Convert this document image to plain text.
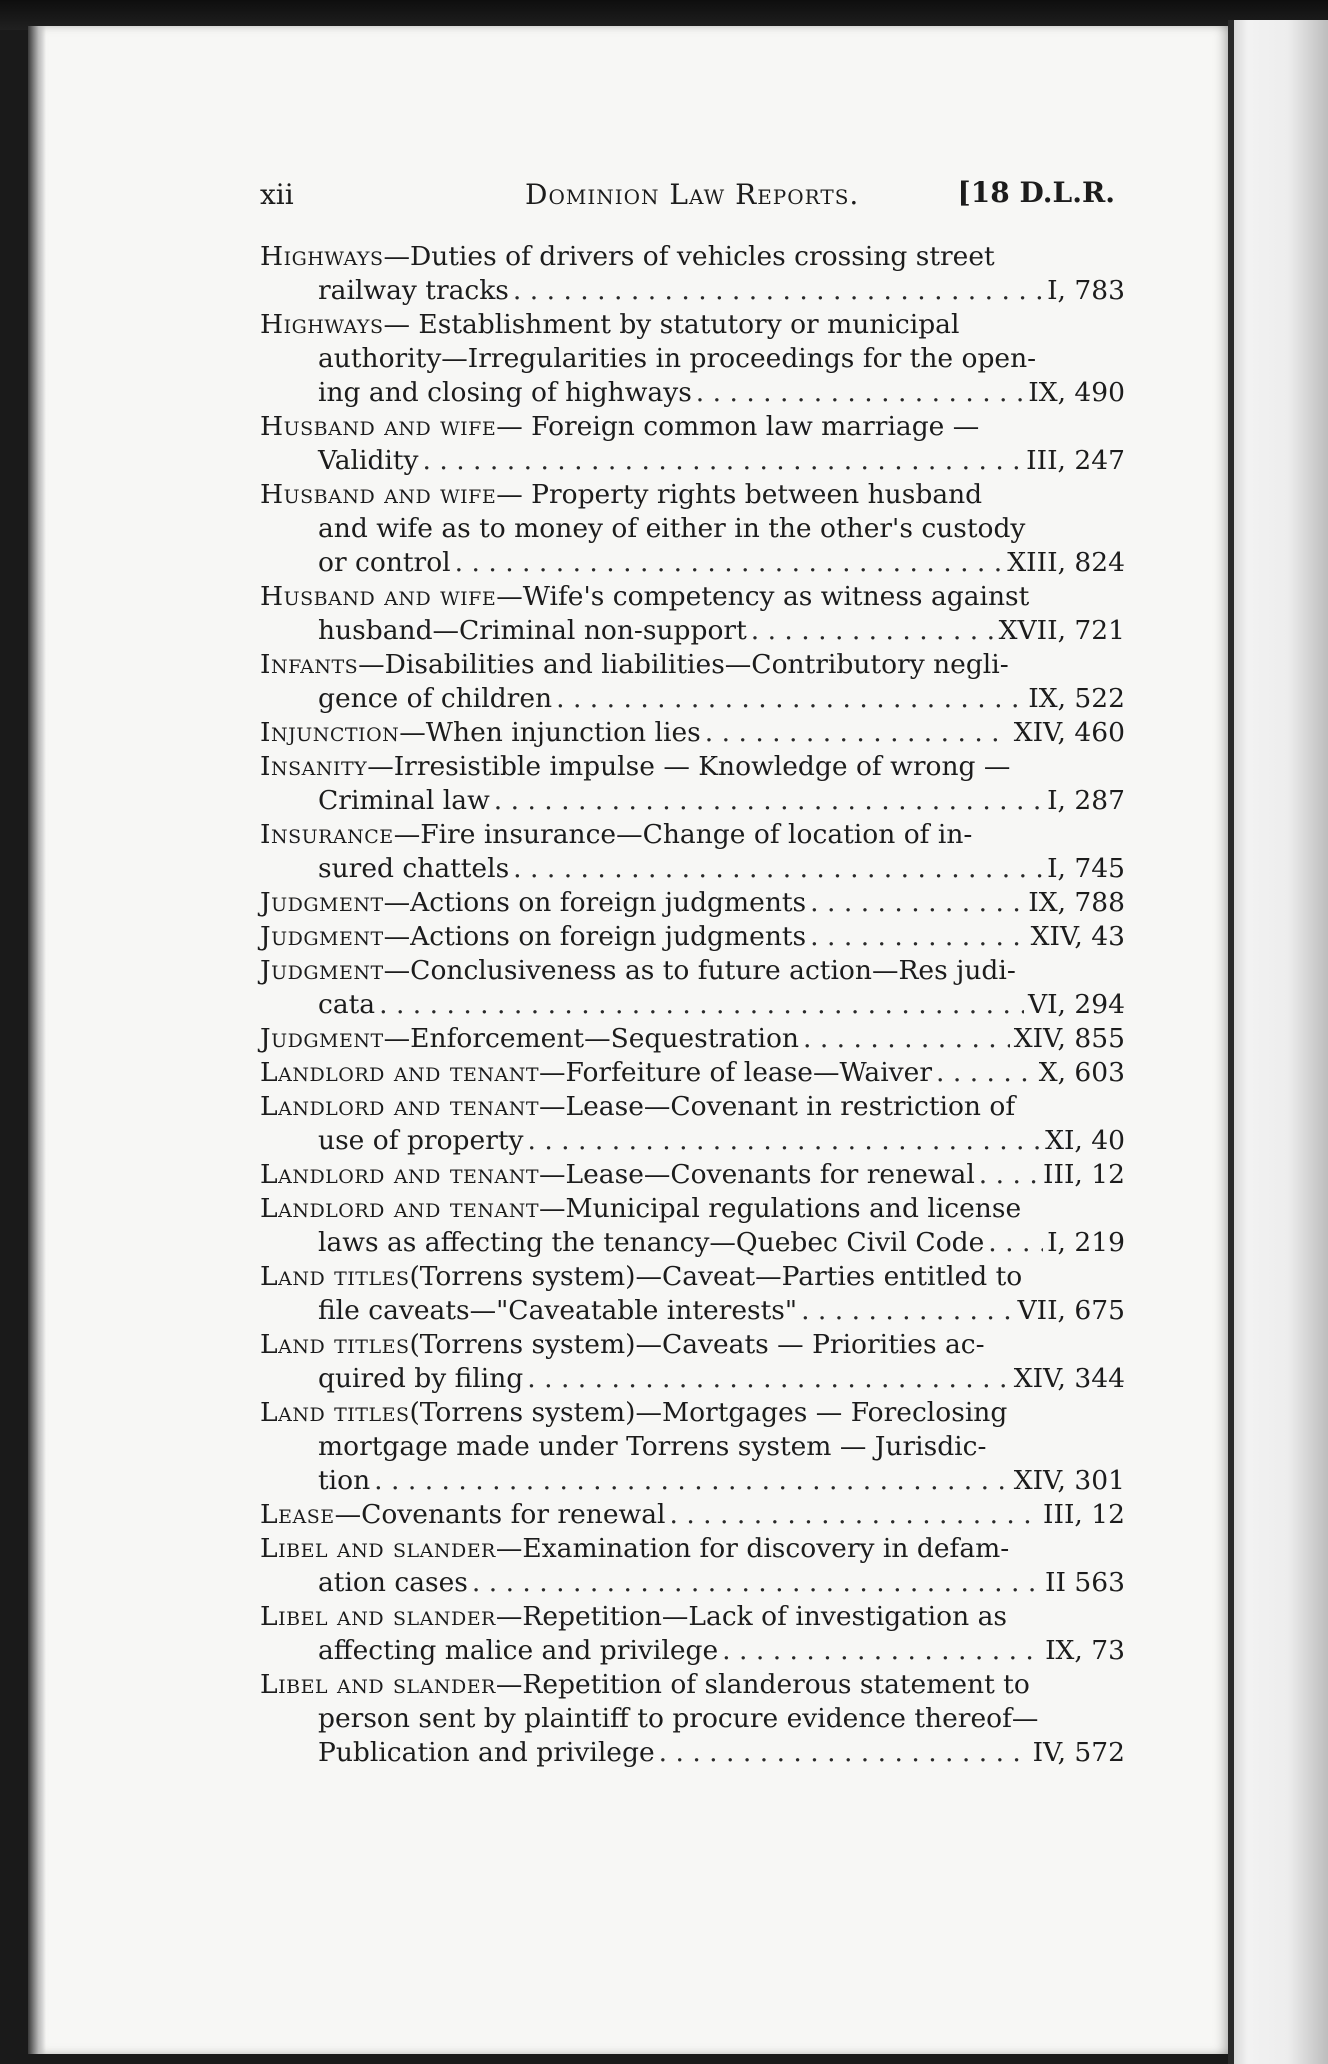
xii	Dominion Law Reports.	[18 D.L.R.
Highways —Duties of drivers of vehicles crossing street
railway tracks . . .	I, 783
Highways — Establishment by statutory or municipal
authority—Irregularities in proceedings for the open-
ing and closing of highways . . .	IX, 490
Husband and wife — Foreign common law marriage —
Validity . . .	III, 247
Husband and wife — Property rights between husband
and wife as to money of either in the other's custody
or control . . .	XIII, 824
Husband and wife —Wife's competency as witness against
husband—Criminal non-support . . .	XVII, 721
Infants —Disabilities and liabilities—Contributory negli-
gence of children . . .	IX, 522
Injunction —When injunction lies . . .	XIV, 460
Insanity —Irresistible impulse — Knowledge of wrong —
Criminal law . . .	I, 287
Insurance —Fire insurance—Change of location of in-
sured chattels . . .	I, 745
Judgment —Actions on foreign judgments . . .	IX, 788
Judgment —Actions on foreign judgments . . .	XIV, 43
Judgment —Conclusiveness as to future action—Res judi-
cata . . .	VI, 294
Judgment —Enforcement—Sequestration . . .	XIV, 855
Landlord and tenant —Forfeiture of lease—Waiver . . .	X, 603
Landlord and tenant —Lease—Covenant in restriction of
use of property . . .	XI, 40
Landlord and tenant —Lease—Covenants for renewal . . .	III, 12
Landlord and tenant —Municipal regulations and license
laws as affecting the tenancy—Quebec Civil Code . . . I, 219
Land titles (Torrens system)—Caveat—Parties entitled to
file caveats—"Caveatable interests" . . .	VII, 675
Land titles (Torrens system)—Caveats — Priorities ac-
quired by filing . . .	XIV, 344
Land titles (Torrens system)—Mortgages — Foreclosing
mortgage made under Torrens system — Jurisdic-
tion . . .	XIV, 301
Lease —Covenants for renewal . . .	III, 12
Libel and slander —Examination for discovery in defam-
ation cases . . .	II 563
Libel and slander —Repetition—Lack of investigation as
affecting malice and privilege . . .	IX, 73
Libel and slander —Repetition of slanderous statement to
person sent by plaintiff to procure evidence thereof—
Publication and privilege . . .	IV, 572
